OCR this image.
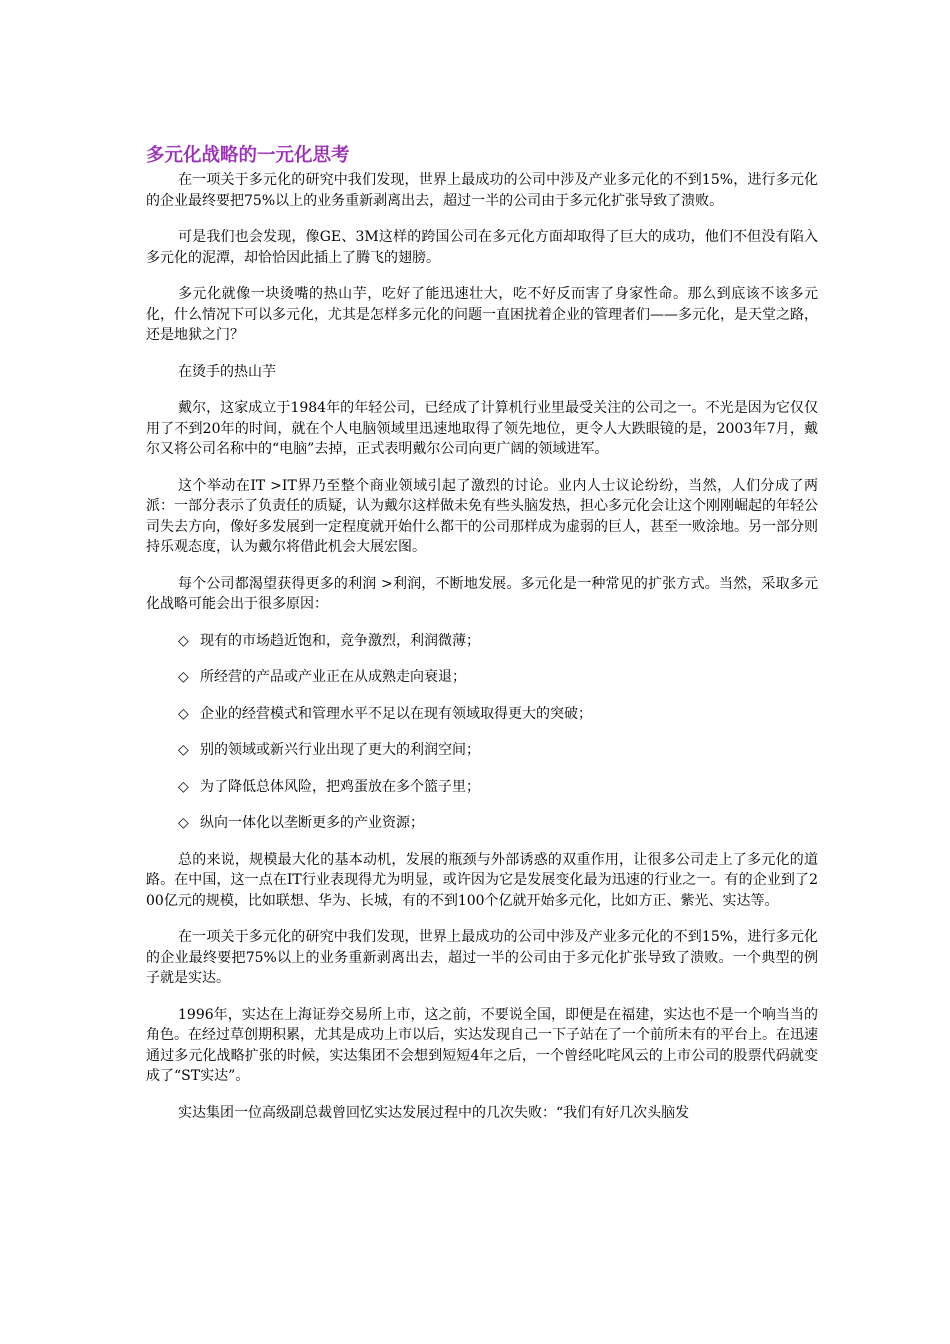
多元化战略的一元化思考

在一项关于多元化的研究中我们发现，世界上最成功的公司中涉及产业多元化的不到15%，进行多元化的企业最终要把75%以上的业务重新剥离出去，超过一半的公司由于多元化扩张导致了溃败。

可是我们也会发现，像GE、3M这样的跨国公司在多元化方面却取得了巨大的成功，他们不但没有陷入多元化的泥潭，却恰恰因此插上了腾飞的翅膀。

多元化就像一块烫嘴的热山芋，吃好了能迅速壮大，吃不好反而害了身家性命。那么到底该不该多元化，什么情况下可以多元化，尤其是怎样多元化的问题一直困扰着企业的管理者们——多元化，是天堂之路，还是地狱之门？

在烫手的热山芋

戴尔，这家成立于1984年的年轻公司，已经成了计算机行业里最受关注的公司之一。不光是因为它仅仅用了不到20年的时间，就在个人电脑领域里迅速地取得了领先地位，更令人大跌眼镜的是，2003年7月，戴尔又将公司名称中的“电脑”去掉，正式表明戴尔公司向更广阔的领域进军。

这个举动在IT >IT界乃至整个商业领域引起了激烈的讨论。业内人士议论纷纷，当然，人们分成了两派：一部分表示了负责任的质疑，认为戴尔这样做未免有些头脑发热，担心多元化会让这个刚刚崛起的年轻公司失去方向，像好多发展到一定程度就开始什么都干的公司那样成为虚弱的巨人，甚至一败涂地。另一部分则持乐观态度，认为戴尔将借此机会大展宏图。

每个公司都渴望获得更多的利润 >利润，不断地发展。多元化是一种常见的扩张方式。当然，采取多元化战略可能会出于很多原因：

◇ 现有的市场趋近饱和，竞争激烈，利润微薄；

◇ 所经营的产品或产业正在从成熟走向衰退；

◇ 企业的经营模式和管理水平不足以在现有领域取得更大的突破；

◇ 别的领域或新兴行业出现了更大的利润空间；

◇ 为了降低总体风险，把鸡蛋放在多个篮子里；

◇ 纵向一体化以垄断更多的产业资源；

总的来说，规模最大化的基本动机，发展的瓶颈与外部诱惑的双重作用，让很多公司走上了多元化的道路。在中国，这一点在IT行业表现得尤为明显，或许因为它是发展变化最为迅速的行业之一。有的企业到了200亿元的规模，比如联想、华为、长城，有的不到100个亿就开始多元化，比如方正、紫光、实达等。

在一项关于多元化的研究中我们发现，世界上最成功的公司中涉及产业多元化的不到15%，进行多元化的企业最终要把75%以上的业务重新剥离出去，超过一半的公司由于多元化扩张导致了溃败。一个典型的例子就是实达。

1996年，实达在上海证券交易所上市，这之前，不要说全国，即便是在福建，实达也不是一个响当当的角色。在经过草创期积累，尤其是成功上市以后，实达发现自己一下子站在了一个前所未有的平台上。在迅速通过多元化战略扩张的时候，实达集团不会想到短短4年之后，一个曾经叱咤风云的上市公司的股票代码就变成了“ST实达”。

实达集团一位高级副总裁曾回忆实达发展过程中的几次失败：“我们有好几次头脑发
